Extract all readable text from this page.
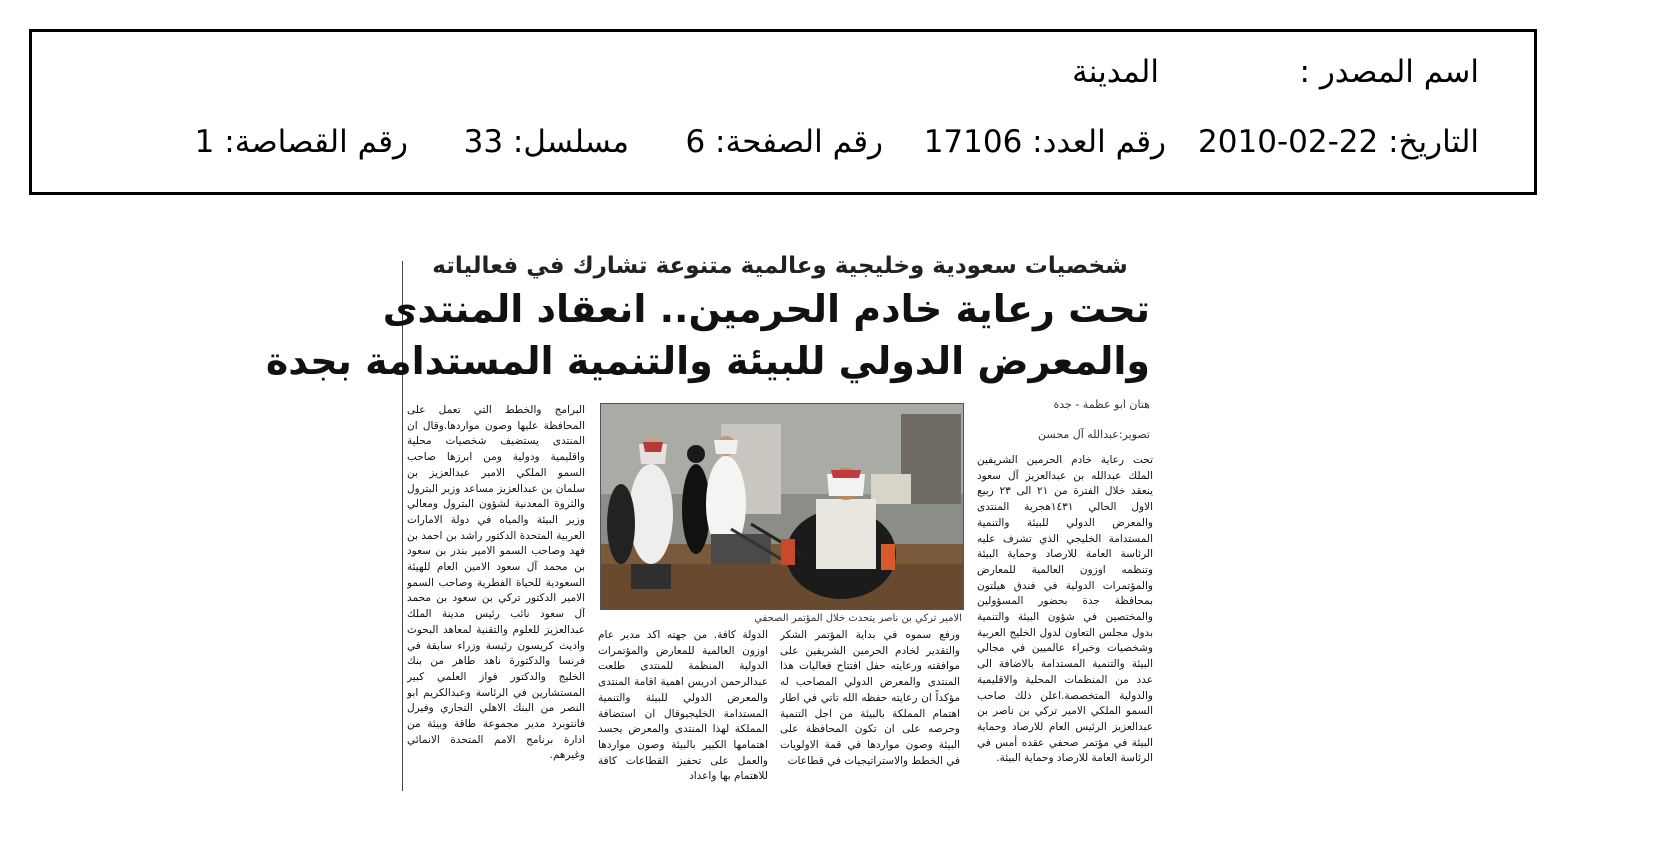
اسم المصدر :
المدينة
التاريخ: 22-02-2010
رقم العدد: 17106
رقم الصفحة: 6
مسلسل: 33
رقم القصاصة: 1
شخصيات سعودية وخليجية وعالمية متنوعة تشارك في فعالياته
تحت رعاية خادم الحرمين.. انعقاد المنتدى
والمعرض الدولي للبيئة والتنمية المستدامة بجدة
هتان ابو عظمة - جدة
تصوير:عبدالله آل محسن
تحت رعاية خادم الحرمين الشريفين الملك عبدالله بن عبدالعزيز آل سعود ينعقد خلال الفترة من ٢١ الى ٢٣ ربيع الاول الحالي ١٤٣١هجرية المنتدى والمعرض الدولي للبيئة والتنمية المستدامة الخليجي الذي تشرف عليه الرئاسة العامة للارصاد وحماية البيئة وتنظمه اوزون العالمية للمعارض والمؤتمرات الدولية في فندق هيلتون بمحافظة جدة بحضور المسؤولين والمختصين في شؤون البيئة والتنمية بدول مجلس التعاون لدول الخليج العربية وشخصيات وخبراء عالميين في مجالي البيئة والتنمية المستدامة بالاضافة الى عدد من المنظمات المحلية والاقليمية والدولية المتخصصة.اعلن ذلك صاحب السمو الملكي الامير تركي بن ناصر بن عبدالعزيز الرئيس العام للارصاد وحماية البيئة في مؤتمر صحفي عقده أمس في الرئاسة العامة للارصاد وحماية البيئة.
الامير تركي بن ناصر يتحدث خلال المؤتمر الصحفي
ورفع سموه في بداية المؤتمر الشكر والتقدير لخادم الحرمين الشريفين على موافقته ورعايته حفل افتتاح فعاليات هذا المنتدى والمعرض الدولي المصاحب له مؤكداً ان رعايته حفظه الله تاتي في اطار اهتمام المملكة بالبيئة من اجل التنمية وحرصه على ان تكون المحافظة على البيئة وصون مواردها في قمة الاولويات في الخطط والاستراتيجيات في قطاعات
الدولة كافة. من جهته اكد مدير عام اوزون العالمية للمعارض والمؤتمرات الدولية المنظمة للمنتدى طلعت عبدالرحمن ادريس اهمية اقامة المنتدى والمعرض الدولي للبيئة والتنمية المستدامة الخليجيوقال ان استضافة المملكة لهذا المنتدى والمعرض يجسد اهتمامها الكبير بالبيئة وصون مواردها والعمل على تحفيز القطاعات كافة للاهتمام بها واعداد
البرامج والخطط التي تعمل على المحافظة عليها وصون مواردها.وقال ان المنتدى يستضيف شخصيات محلية واقليمية ودولية ومن ابرزها صاحب السمو الملكي الامير عبدالعزيز بن سلمان بن عبدالعزيز مساعد وزير البترول والثروة المعدنية لشؤون البترول ومعالي وزير البيئة والمياه في دولة الامارات العربية المتحدة الدكتور راشد بن احمد بن فهد وصاحب السمو الامير بندر بن سعود بن محمد آل سعود الامين العام للهيئة السعودية للحياة الفطرية وصاحب السمو الامير الدكتور تركي بن سعود بن محمد آل سعود نائب رئيس مدينة الملك عبدالعزيز للعلوم والتقنية لمعاهد البحوث واديث كريسون رئيسة وزراء سابقة في فرنسا والدكتورة ناهد طاهر من بنك الخليج والدكتور فواز العلمي كبير المستشارين في الرئاسة وعبدالكريم ابو النصر من البنك الاهلي التجاري وفيرل فانتوبرد مدير مجموعة طاقة وبيئة من ادارة برنامج الامم المتحدة الانمائي وغيرهم.
